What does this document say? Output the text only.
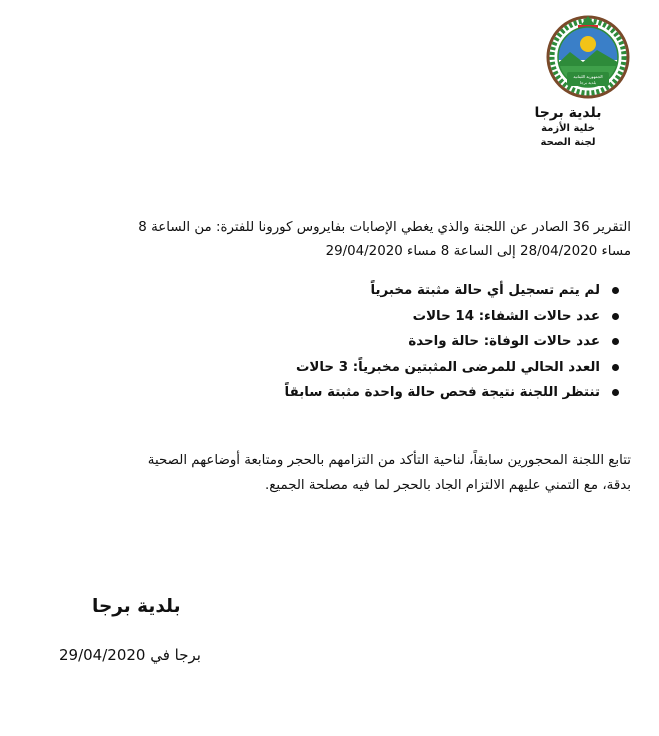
الجمهورية اللبنانية
بلدية برجا

بلدية برجا

خلية الأزمة

لجنة الصحة

التقرير 36 الصادر عن اللجنة والذي يغطي الإصابات بفايروس كورونا للفترة: من الساعة 8
مساء 28/04/2020 إلى الساعة 8 مساء 29/04/2020
لم يتم تسجيل أي حالة مثبتة مخبرياً
عدد حالات الشفاء: 14 حالات
عدد حالات الوفاة: حالة واحدة
العدد الحالي للمرضى المثبتين مخبرياً: 3 حالات
تنتظر اللجنة نتيجة فحص حالة واحدة مثبتة سابقاً
تتابع اللجنة المحجورين سابقاً، لناحية التأكد من التزامهم بالحجر ومتابعة أوضاعهم الصحية
بدقة، مع التمني عليهم الالتزام الجاد بالحجر لما فيه مصلحة الجميع.
بلدية برجا
برجا في 29/04/2020
